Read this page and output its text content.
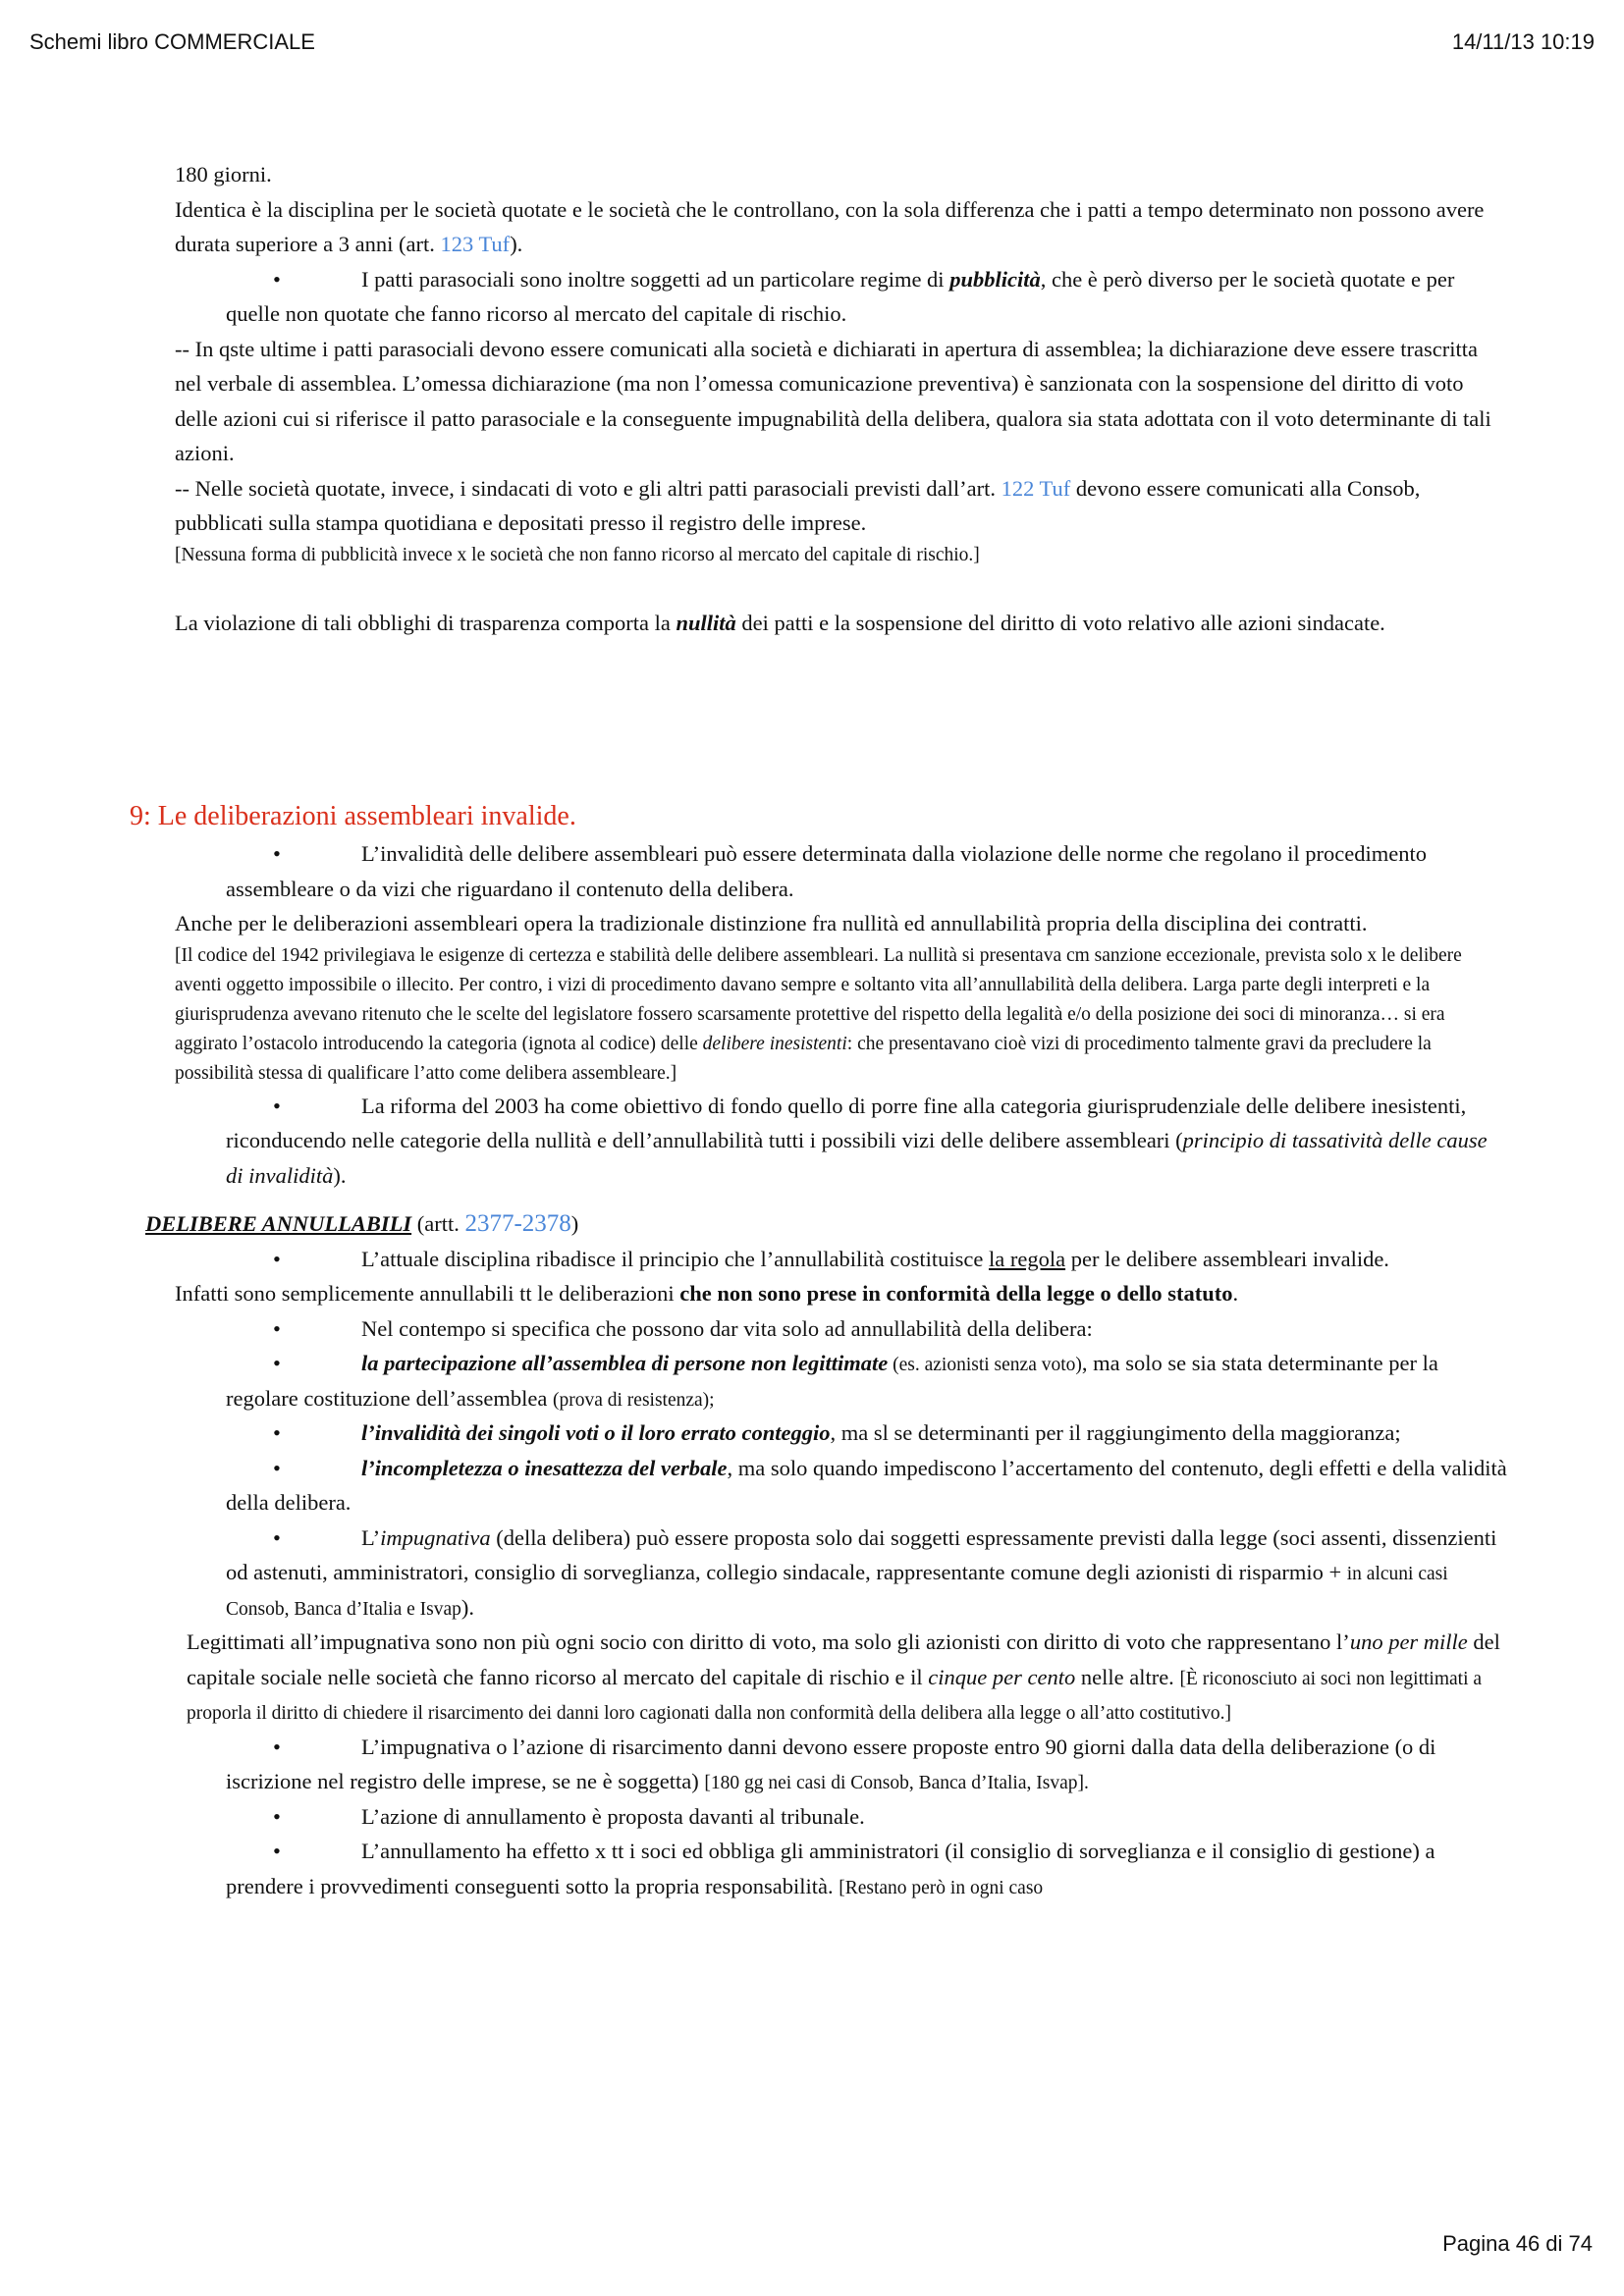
Schemi libro COMMERCIALE	14/11/13 10:19

180 giorni.

Identica è la disciplina per le società quotate e le società che le controllano, con la sola differenza che i patti a tempo determinato non possono avere durata superiore a 3 anni (art. 123 Tuf).

•	I patti parasociali sono inoltre soggetti ad un particolare regime di pubblicità, che è però diverso per le società quotate e per quelle non quotate che fanno ricorso al mercato del capitale di rischio.

-- In qste ultime i patti parasociali devono essere comunicati alla società e dichiarati in apertura di assemblea; la dichiarazione deve essere trascritta nel verbale di assemblea. L’omessa dichiarazione (ma non l’omessa comunicazione preventiva) è sanzionata con la sospensione del diritto di voto delle azioni cui si riferisce il patto parasociale e la conseguente impugnabilità della delibera, qualora sia stata adottata con il voto determinante di tali azioni.

-- Nelle società quotate, invece, i sindacati di voto e gli altri patti parasociali previsti dall’art. 122 Tuf devono essere comunicati alla Consob, pubblicati sulla stampa quotidiana e depositati presso il registro delle imprese.

[Nessuna forma di pubblicità invece x le società che non fanno ricorso al mercato del capitale di rischio.]

La violazione di tali obblighi di trasparenza comporta la nullità dei patti e la sospensione del diritto di voto relativo alle azioni sindacate.

9: Le deliberazioni assembleari invalide.

•	L’invalidità delle delibere assembleari può essere determinata dalla violazione delle norme che regolano il procedimento assembleare o da vizi che riguardano il contenuto della delibera.

Anche per le deliberazioni assembleari opera la tradizionale distinzione fra nullità ed annullabilità propria della disciplina dei contratti.

[Il codice del 1942 privilegiava le esigenze di certezza e stabilità delle delibere assembleari. La nullità si presentava cm sanzione eccezionale, prevista solo x le delibere aventi oggetto impossibile o illecito. Per contro, i vizi di procedimento davano sempre e soltanto vita all’annullabilità della delibera. Larga parte degli interpreti e la giurisprudenza avevano ritenuto che le scelte del legislatore fossero scarsamente protettive del rispetto della legalità e/o della posizione dei soci di minoranza… si era aggirato l’ostacolo introducendo la categoria (ignota al codice) delle delibere inesistenti: che presentavano cioè vizi di procedimento talmente gravi da precludere la possibilità stessa di qualificare l’atto come delibera assembleare.]

•	La riforma del 2003 ha come obiettivo di fondo quello di porre fine alla categoria giurisprudenziale delle delibere inesistenti, riconducendo nelle categorie della nullità e dell’annullabilità tutti i possibili vizi delle delibere assembleari (principio di tassatività delle cause di invalidità).

DELIBERE ANNULLABILI (artt. 2377-2378)

•	L’attuale disciplina ribadisce il principio che l’annullabilità costituisce la regola per le delibere assembleari invalide.

Infatti sono semplicemente annullabili tt le deliberazioni che non sono prese in conformità della legge o dello statuto.

•	Nel contempo si specifica che possono dar vita solo ad annullabilità della delibera:

•	la partecipazione all’assemblea di persone non legittimate (es. azionisti senza voto), ma solo se sia stata determinante per la regolare costituzione dell’assemblea (prova di resistenza);

•	l’invalidità dei singoli voti o il loro errato conteggio, ma sl se determinanti per il raggiungimento della maggioranza;

•	l’incompletezza o inesattezza del verbale, ma solo quando impediscono l’accertamento del contenuto, degli effetti e della validità della delibera.

•	L’impugnativa (della delibera) può essere proposta solo dai soggetti espressamente previsti dalla legge (soci assenti, dissenzienti od astenuti, amministratori, consiglio di sorveglianza, collegio sindacale, rappresentante comune degli azionisti di risparmio + in alcuni casi Consob, Banca d’Italia e Isvap).

Legittimati all’impugnativa sono non più ogni socio con diritto di voto, ma solo gli azionisti con diritto di voto che rappresentano l’uno per mille del capitale sociale nelle società che fanno ricorso al mercato del capitale di rischio e il cinque per cento nelle altre. [È riconosciuto ai soci non legittimati a proporla il diritto di chiedere il risarcimento dei danni loro cagionati dalla non conformità della delibera alla legge o all’atto costitutivo.]

•	L’impugnativa o l’azione di risarcimento danni devono essere proposte entro 90 giorni dalla data della deliberazione (o di iscrizione nel registro delle imprese, se ne è soggetta) [180 gg nei casi di Consob, Banca d’Italia, Isvap].

•	L’azione di annullamento è proposta davanti al tribunale.

•	L’annullamento ha effetto x tt i soci ed obbliga gli amministratori (il consiglio di sorveglianza e il consiglio di gestione) a prendere i provvedimenti conseguenti sotto la propria responsabilità. [Restano però in ogni caso

Pagina 46 di 74
